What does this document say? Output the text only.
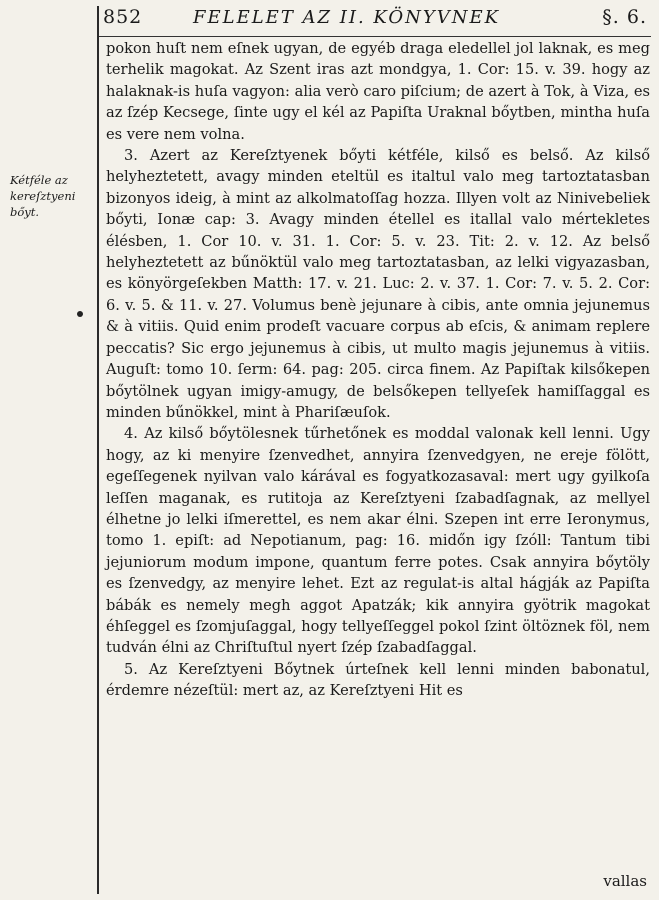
852	FELELET AZ II. KÖNYVNEK	§. 6.
Kétféle az kereſztyeni bőyt.

pokon huſt nem eſnek ugyan, de egyéb draga eledellel jol laknak, es meg terhelik magokat. Az Szent iras azt mondgya, 1. Cor: 15. v. 39. hogy az halaknak-is huſa vagyon: alia verò caro piſcium; de azert à Tok, à Viza, es az ſzép Kecsege, ſinte ugy el kél az Papiſta Uraknal bőytben, mintha huſa es vere nem volna.

3. Azert az Kereſztyenek bőyti kétféle, kilső es belső. Az kilső helyheztetett, avagy minden eteltül es italtul valo meg tartoztatasban bizonyos ideig, à mint az alkolmatoſſag hozza. Illyen volt az Ninivebeliek bőyti, Ionæ cap: 3. Avagy minden étellel es itallal valo mértekletes élésben, 1. Cor 10. v. 31. 1. Cor: 5. v. 23. Tit: 2. v. 12. Az belső helyheztetett az bűnöktül valo meg tartoztatasban, az lelki vigyazasban, es könyörgeſekben Matth: 17. v. 21. Luc: 2. v. 37. 1. Cor: 7. v. 5. 2. Cor: 6. v. 5. & 11. v. 27. Volumus benè jejunare à cibis, ante omnia jejunemus & à vitiis. Quid enim prodeſt vacuare corpus ab eſcis, & animam replere peccatis? Sic ergo jejunemus à cibis, ut multo magis jejunemus à vitiis. Auguſt: tomo 10. ſerm: 64. pag: 205. circa finem. Az Papiſtak kilsőkepen bőytölnek ugyan imigy-amugy, de belsőkepen tellyeſek hamiſſaggal es minden bűnökkel, mint à Phariſæuſok.

4. Az kilső bőytölesnek tűrhetőnek es moddal valonak kell lenni. Ugy hogy, az ki menyire ſzenvedhet, annyira ſzenvedgyen, ne ereje fölött, egeſſegenek nyilvan valo kárával es fogyatkozasaval: mert ugy gyilkoſa leſſen maganak, es rutitoja az Kereſztyeni ſzabadſagnak, az mellyel élhetne jo lelki iſmerettel, es nem akar élni. Szepen int erre Ieronymus, tomo 1. epiſt: ad Nepotianum, pag: 16. midőn igy ſzóll: Tantum tibi jejuniorum modum impone, quantum ferre potes. Csak annyira bőytöly es ſzenvedgy, az menyire lehet. Ezt az regulat-is altal hágják az Papiſta bábák es nemely megh aggot Apatzák; kik annyira gyötrik magokat éhſeggel es ſzomjuſaggal, hogy tellyeſſeggel pokol ſzint öltöznek föl, nem tudván élni az Chriſtuſtul nyert ſzép ſzabadſaggal.

5. Az Kereſztyeni Bőytnek úrteſnek kell lenni minden babonatul, érdemre nézeſtül: mert az, az Kereſztyeni Hit es

vallas
